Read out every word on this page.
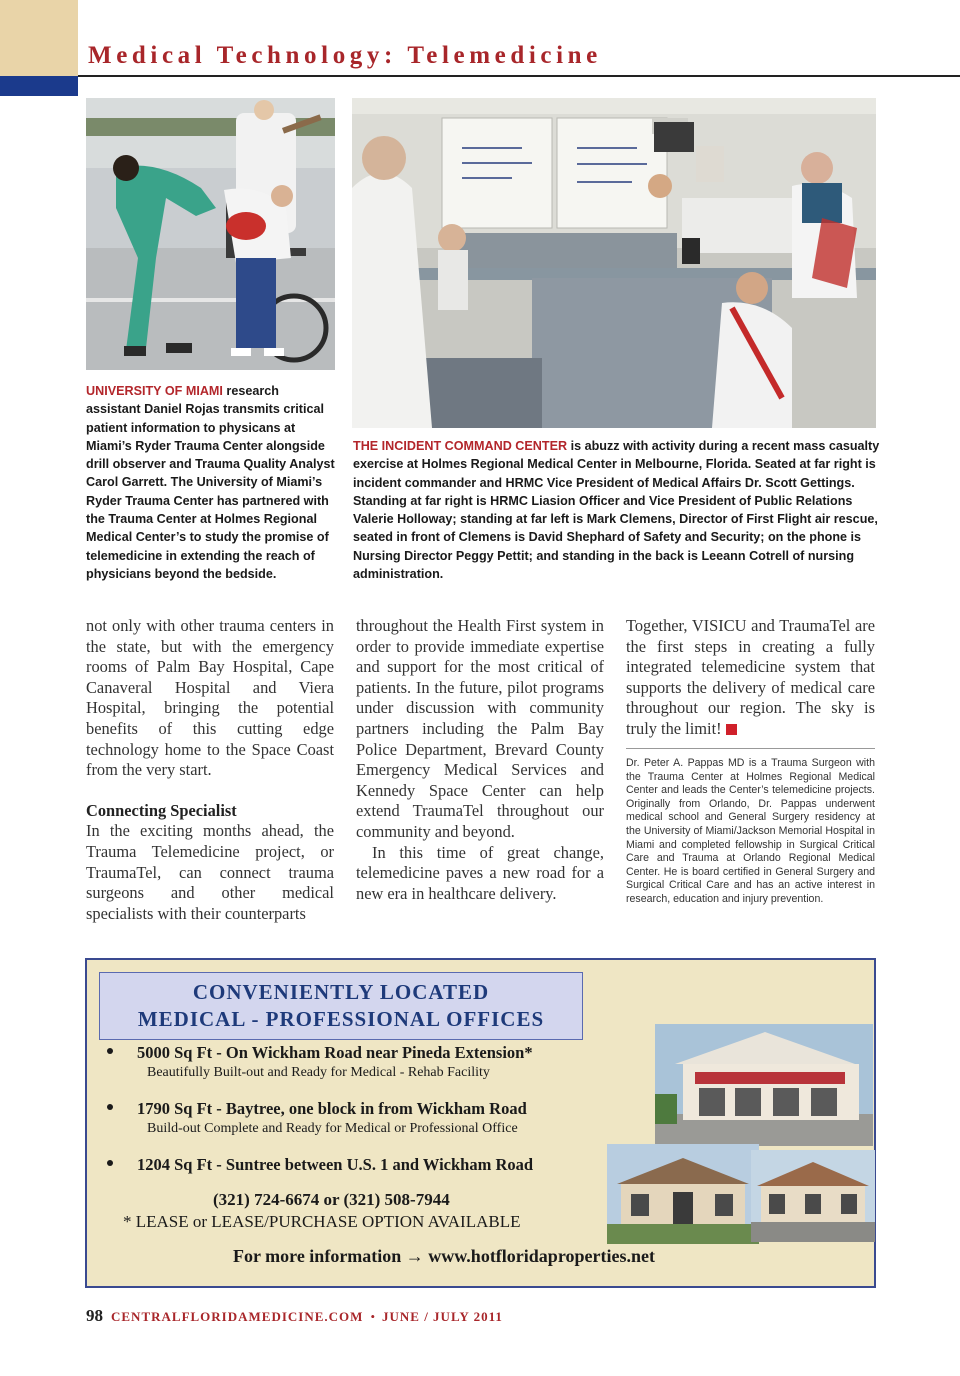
Medical Technology: Telemedicine
UNIVERSITY OF MIAMI research assistant Daniel Rojas transmits critical patient information to physicans at Miami’s Ryder Trauma Center alongside drill observer and Trauma Quality Analyst Carol Garrett. The University of Miami’s Ryder Trauma Center has partnered with the Trauma Center at Holmes Regional Medical Center’s to study the promise of telemedicine in extending the reach of physicians beyond the bedside.
THE INCIDENT COMMAND CENTER is abuzz with activity during a recent mass casualty exercise at Holmes Regional Medical Center in Melbourne, Florida. Seated at far right is incident commander and HRMC Vice President of Medical Affairs Dr. Scott Gettings. Standing at far right is HRMC Liasion Officer and Vice President of Public Relations Valerie Holloway; standing at far left is Mark Clemens, Director of First Flight air rescue, seated in front of Clemens is David Shephard of Safety and Security; on the phone is Nursing Director Peggy Pettit; and standing in the back is Leeann Cotrell of nursing administration.

not only with other trauma centers in the state, but with the emergency rooms of Palm Bay Hospital, Cape Canaveral Hospital and Viera Hospital, bringing the potential benefits of this cutting edge technology home to the Space Coast from the very start.

Connecting Specialist

In the exciting months ahead, the Trauma Telemedicine project, or TraumaTel, can connect trauma surgeons and other medical specialists with their counterparts

throughout the Health First system in order to provide immediate expertise and support for the most critical of patients. In the future, pilot programs under discussion with community partners including the Palm Bay Police Department, Brevard County Emergency Medical Services and Kennedy Space Center can help extend TraumaTel throughout our community and beyond.

In this time of great change, telemedicine paves a new road for a new era in healthcare delivery.

Together, VISICU and TraumaTel are the first steps in creating a fully integrated telemedicine system that supports the delivery of medical care throughout our region. The sky is truly the limit!

Dr. Peter A. Pappas MD is a Trauma Surgeon with the Trauma Center at Holmes Regional Medical Center and leads the Center’s telemedicine projects. Originally from Orlando, Dr. Pappas underwent medical school and General Surgery residency at the University of Miami/Jackson Memorial Hospital in Miami and completed fellowship in Surgical Critical Care and Trauma at Orlando Regional Medical Center. He is board certified in General Surgery and Surgical Critical Care and has an active interest in research, education and injury prevention.
CONVENIENTLY LOCATED
MEDICAL - PROFESSIONAL OFFICES
5000 Sq Ft - On Wickham Road near Pineda Extension*
Beautifully Built-out and Ready for Medical - Rehab Facility
1790 Sq Ft - Baytree, one block in from Wickham Road
Build-out Complete and Ready for Medical or Professional Office
1204 Sq Ft - Suntree between U.S. 1 and Wickham Road
(321) 724-6674 or (321) 508-7944
* LEASE or LEASE/PURCHASE OPTION AVAILABLE
For more information → www.hotfloridaproperties.net
98 CENTRALFLORIDAMEDICINE.COM • JUNE / JULY 2011
